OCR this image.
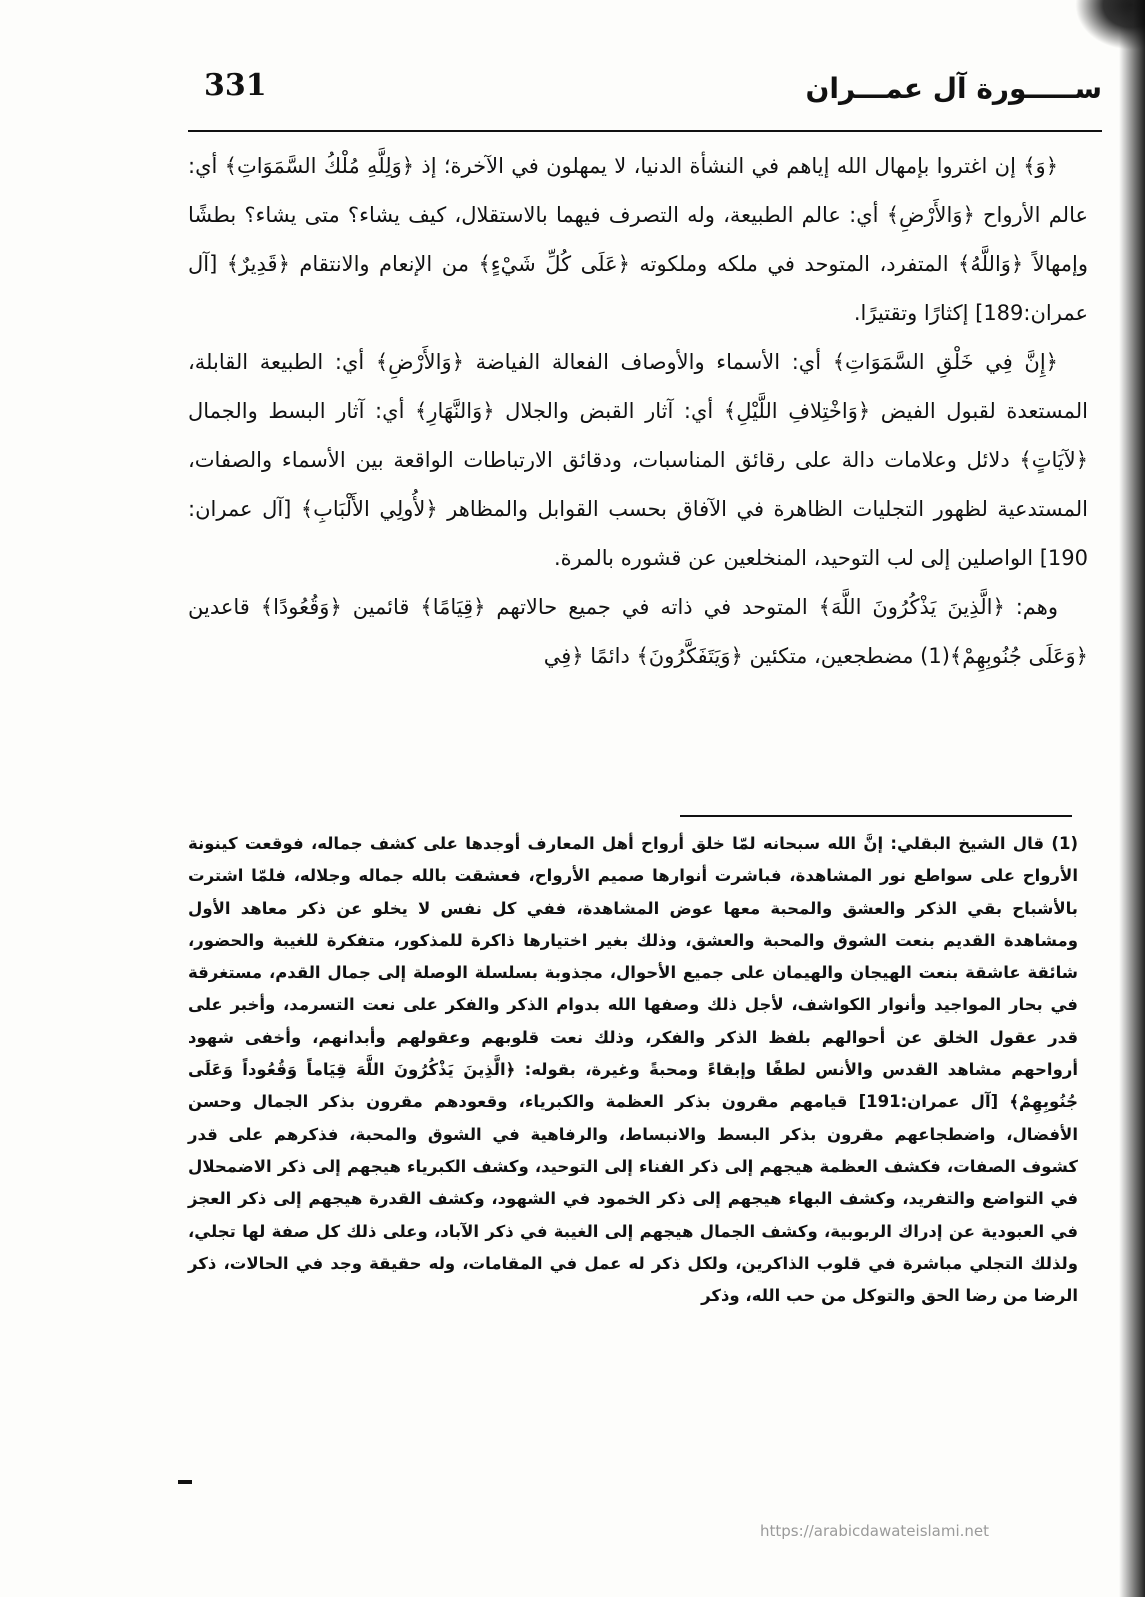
331	ســـــورة آل عمـــران

﴿وَ﴾ إن اغتروا بإمهال الله إياهم في النشأة الدنيا، لا يمهلون في الآخرة؛ إذ ﴿وَلِلَّهِ مُلْكُ السَّمَوَاتِ﴾ أي: عالم الأرواح ﴿وَالأَرْضِ﴾ أي: عالم الطبيعة، وله التصرف فيهما بالاستقلال، كيف يشاء؟ متى يشاء؟ بطشًا وإمهالاً ﴿وَاللَّهُ﴾ المتفرد، المتوحد في ملكه وملكوته ﴿عَلَى كُلِّ شَيْءٍ﴾ من الإنعام والانتقام ﴿قَدِيرٌ﴾ [آل عمران:189] إكثارًا وتقتيرًا.

﴿إِنَّ فِي خَلْقِ السَّمَوَاتِ﴾ أي: الأسماء والأوصاف الفعالة الفياضة ﴿وَالأَرْضِ﴾ أي: الطبيعة القابلة، المستعدة لقبول الفيض ﴿وَاخْتِلافِ اللَّيْلِ﴾ أي: آثار القبض والجلال ﴿وَالنَّهَارِ﴾ أي: آثار البسط والجمال ﴿لآيَاتٍ﴾ دلائل وعلامات دالة على رقائق المناسبات، ودقائق الارتباطات الواقعة بين الأسماء والصفات، المستدعية لظهور التجليات الظاهرة في الآفاق بحسب القوابل والمظاهر ﴿لأُولِي الأَلْبَابِ﴾ [آل عمران: 190] الواصلين إلى لب التوحيد، المنخلعين عن قشوره بالمرة.

وهم: ﴿الَّذِينَ يَذْكُرُونَ اللَّهَ﴾ المتوحد في ذاته في جميع حالاتهم ﴿قِيَامًا﴾ قائمين ﴿وَقُعُودًا﴾ قاعدين ﴿وَعَلَى جُنُوبِهِمْ﴾(1) مضطجعين، متكئين ﴿وَيَتَفَكَّرُونَ﴾ دائمًا ﴿فِي

(1) قال الشيخ البقلي: إنَّ الله سبحانه لمّا خلق أرواح أهل المعارف أوجدها على كشف جماله، فوقعت كينونة الأرواح على سواطع نور المشاهدة، فباشرت أنوارها صميم الأرواح، فعشقت بالله جماله وجلاله، فلمّا اشترت بالأشباح بقي الذكر والعشق والمحبة معها عوض المشاهدة، ففي كل نفس لا يخلو عن ذكر معاهد الأول ومشاهدة القديم بنعت الشوق والمحبة والعشق، وذلك بغير اختيارها ذاكرة للمذكور، متفكرة للغيبة والحضور، شائقة عاشقة بنعت الهيجان والهيمان على جميع الأحوال، مجذوبة بسلسلة الوصلة إلى جمال القدم، مستغرقة في بحار المواجيد وأنوار الكواشف، لأجل ذلك وصفها الله بدوام الذكر والفكر على نعت التسرمد، وأخبر على قدر عقول الخلق عن أحوالهم بلفظ الذكر والفكر، وذلك نعت قلوبهم وعقولهم وأبدانهم، وأخفى شهود أرواحهم مشاهد القدس والأنس لطفًا وإبقاءً ومحبةً وغيرة، بقوله: ﴿الَّذِينَ يَذْكُرُونَ اللَّهَ قِيَاماً وَقُعُوداً وَعَلَى جُنُوبِهِمْ﴾ [آل عمران:191] قيامهم مقرون بذكر العظمة والكبرياء، وقعودهم مقرون بذكر الجمال وحسن الأفضال، واضطجاعهم مقرون بذكر البسط والانبساط، والرفاهية في الشوق والمحبة، فذكرهم على قدر كشوف الصفات، فكشف العظمة هيجهم إلى ذكر الفناء إلى التوحيد، وكشف الكبرياء هيجهم إلى ذكر الاضمحلال في التواضع والتفريد، وكشف البهاء هيجهم إلى ذكر الخمود في الشهود، وكشف القدرة هيجهم إلى ذكر العجز في العبودية عن إدراك الربوبية، وكشف الجمال هيجهم إلى الغيبة في ذكر الآباد، وعلى ذلك كل صفة لها تجلي، ولذلك التجلي مباشرة في قلوب الذاكرين، ولكل ذكر له عمل في المقامات، وله حقيقة وجد في الحالات، ذكر الرضا من رضا الحق والتوكل من حب الله، وذكر

https://arabicdawateislami.net
